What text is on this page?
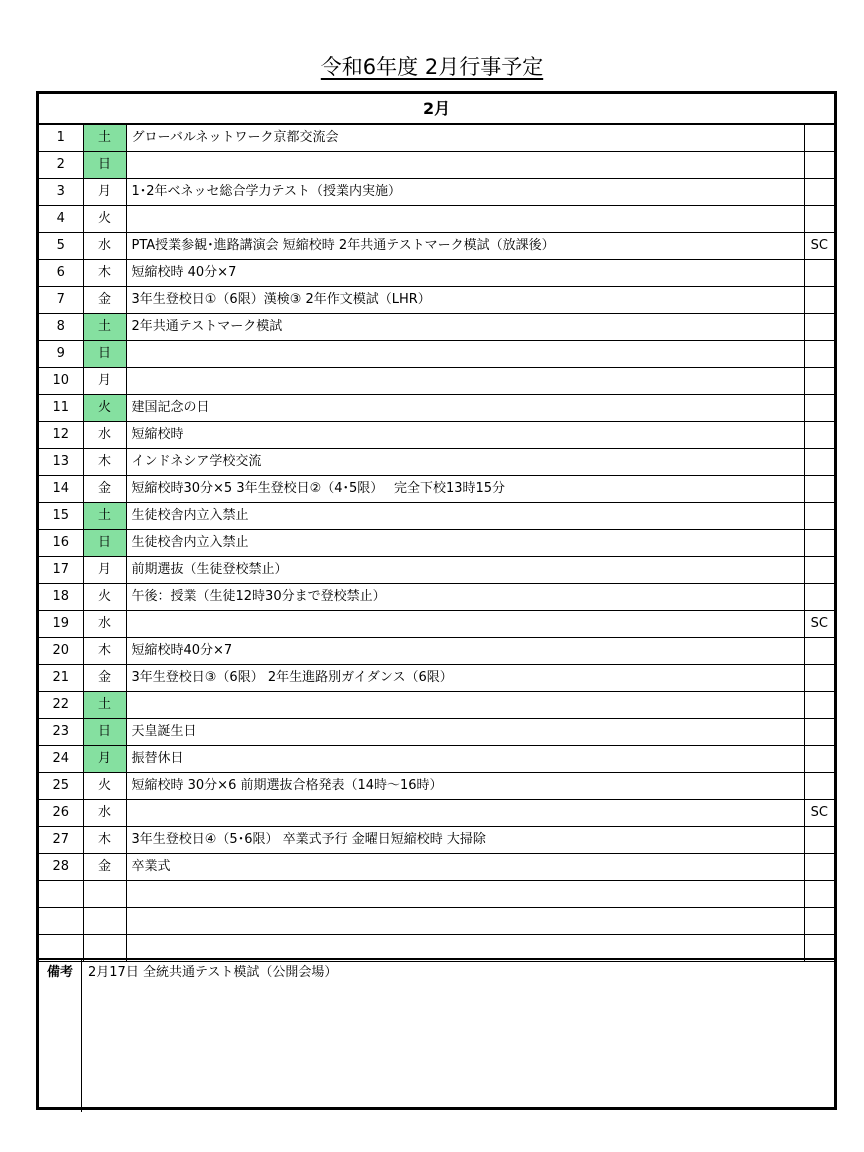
令和6年度 2月行事予定
2月			
1	土	グローバルネットワーク京都交流会	
2	日		
3	月	1･2年ベネッセ総合学力テスト（授業内実施）	
4	火		
5	水	PTA授業参観･進路講演会 短縮校時 2年共通テストマーク模試（放課後）	SC
6	木	短縮校時 40分×7	
7	金	3年生登校日①（6限）漢検③ 2年作文模試（LHR）	
8	土	2年共通テストマーク模試	
9	日		
10	月		
11	火	建国記念の日	
12	水	短縮校時	
13	木	インドネシア学校交流	
14	金	短縮校時30分×5 3年生登校日②（4･5限）　 完全下校13時15分	
15	土	生徒校舎内立入禁止	
16	日	生徒校舎内立入禁止	
17	月	前期選抜（生徒登校禁止）	
18	火	午後：授業（生徒12時30分まで登校禁止）	
19	水		SC
20	木	短縮校時40分×7	
21	金	3年生登校日③（6限） 2年生進路別ガイダンス（6限）	
22	土		
23	日	天皇誕生日	
24	月	振替休日	
25	火	短縮校時 30分×6 前期選抜合格発表（14時～16時）	
26	水		SC
27	木	3年生登校日④（5･6限） 卒業式予行 金曜日短縮校時 大掃除	
28	金	卒業式	

備考	2月17日 全統共通テスト模試（公開会場）
